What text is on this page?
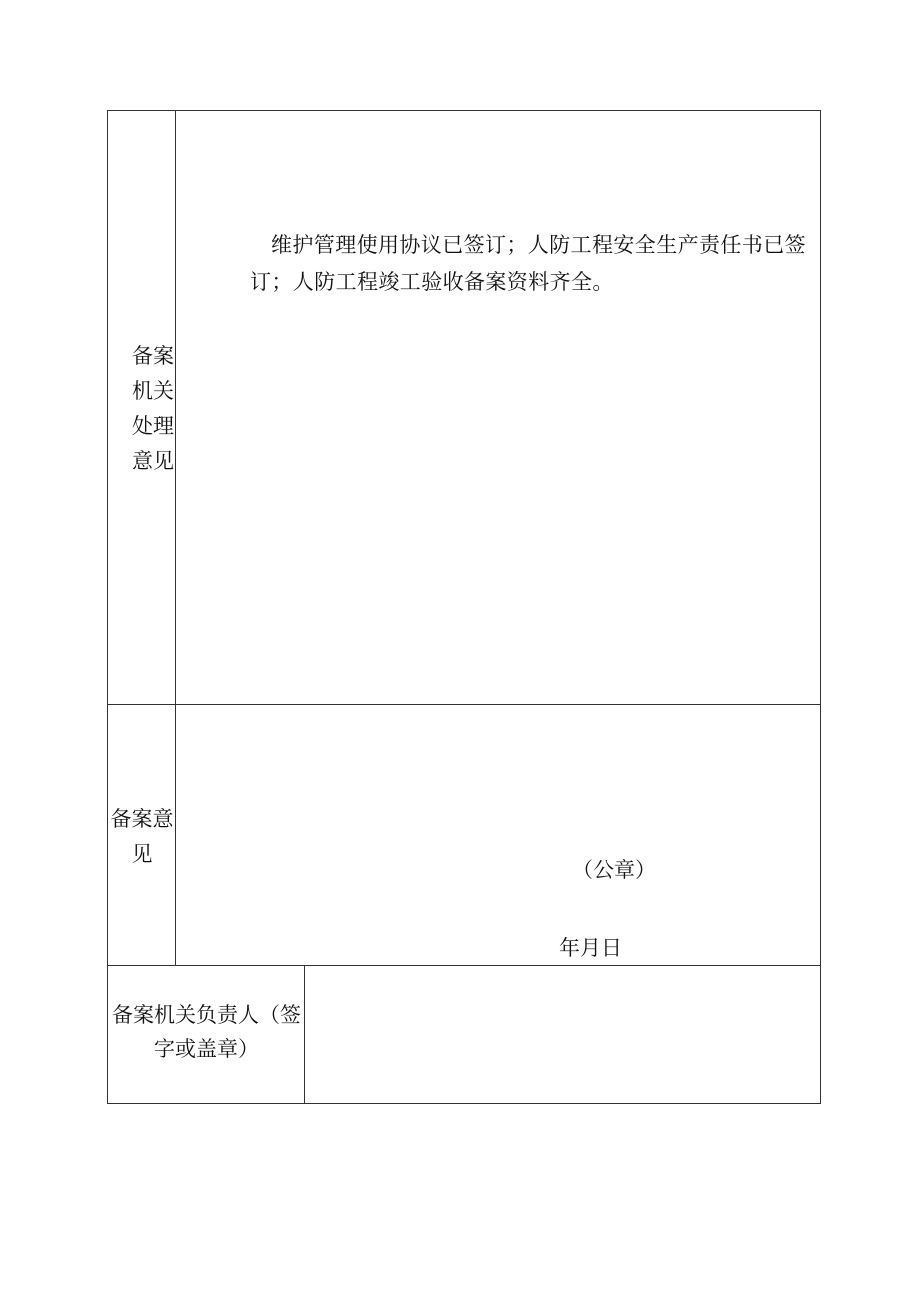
备案
机关
处理
意见
维护管理使用协议已签订；人防工程安全生产责任书已签订；人防工程竣工验收备案资料齐全。
备案意
见
（公章）
年月日
备案机关负责人（签
字或盖章）
